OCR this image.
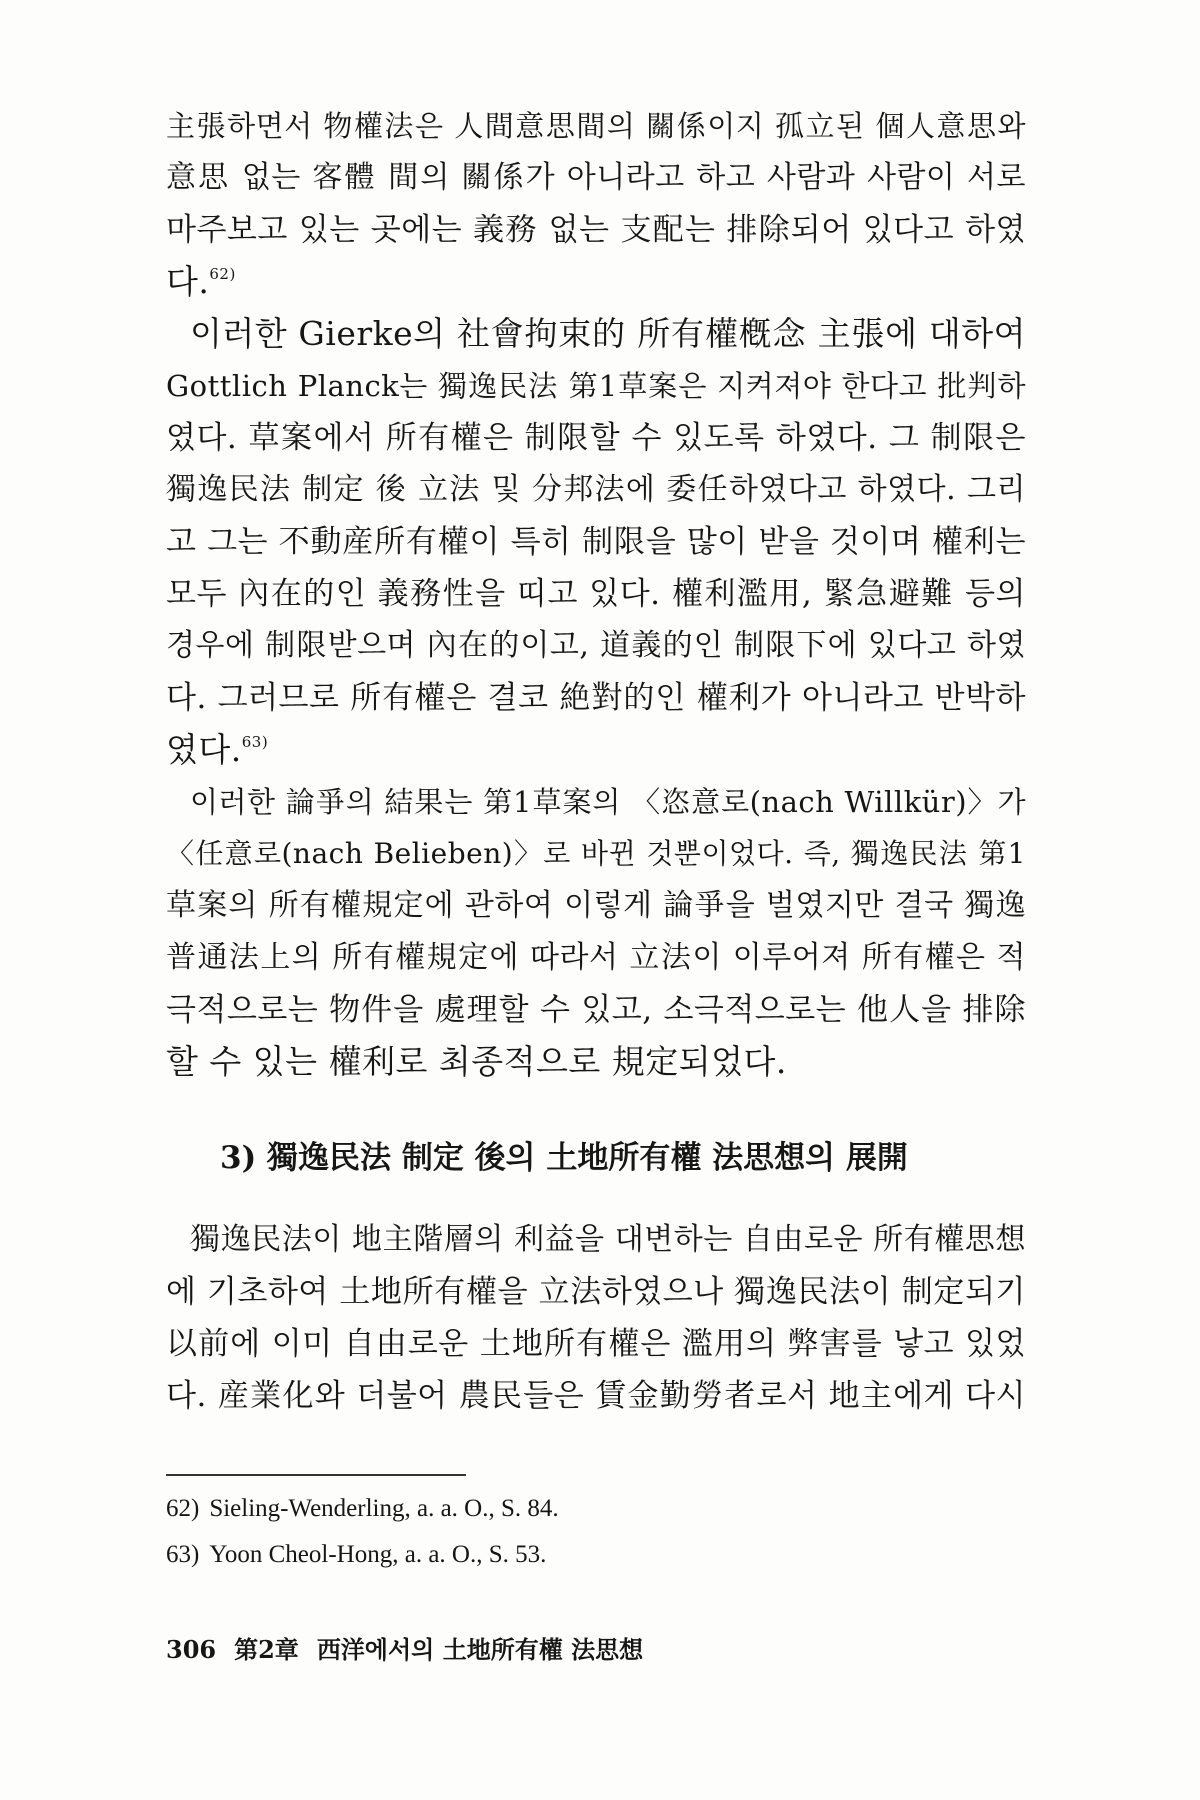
主張하면서 物權法은 人間意思間의 關係이지 孤立된 個人意思와

意思 없는 客體 間의 關係가 아니라고 하고 사람과 사람이 서로

마주보고 있는 곳에는 義務 없는 支配는 排除되어 있다고 하였

다.$^{62)}$

이러한 Gierke의 社會拘束的 所有權槪念 主張에 대하여

Gottlich Planck는 獨逸民法 第1草案은 지켜져야 한다고 批判하

였다. 草案에서 所有權은 制限할 수 있도록 하였다. 그 制限은

獨逸民法 制定 後 立法 및 分邦法에 委任하였다고 하였다. 그리

고 그는 不動産所有權이 특히 制限을 많이 받을 것이며 權利는

모두 內在的인 義務性을 띠고 있다. 權利濫用, 緊急避難 등의

경우에 制限받으며 內在的이고, 道義的인 制限下에 있다고 하였

다. 그러므로 所有權은 결코 絶對的인 權利가 아니라고 반박하

였다.$^{63)}$

이러한 論爭의 結果는 第1草案의 〈恣意로(nach Willkür)〉가

〈任意로(nach Belieben)〉로 바뀐 것뿐이었다. 즉, 獨逸民法 第1

草案의 所有權規定에 관하여 이렇게 論爭을 벌였지만 결국 獨逸

普通法上의 所有權規定에 따라서 立法이 이루어져 所有權은 적

극적으로는 物件을 處理할 수 있고, 소극적으로는 他人을 排除

할 수 있는 權利로 최종적으로 規定되었다.

3) 獨逸民法 制定 後의 土地所有權 法思想의 展開

獨逸民法이 地主階層의 利益을 대변하는 自由로운 所有權思想

에 기초하여 土地所有權을 立法하였으나 獨逸民法이 制定되기

以前에 이미 自由로운 土地所有權은 濫用의 弊害를 낳고 있었

다. 産業化와 더불어 農民들은 賃金勤勞者로서 地主에게 다시

62) Sieling-Wenderling, a. a. O., S. 84.
63) Yoon Cheol-Hong, a. a. O., S. 53.
306 第2章 西洋에서의 土地所有權 法思想
